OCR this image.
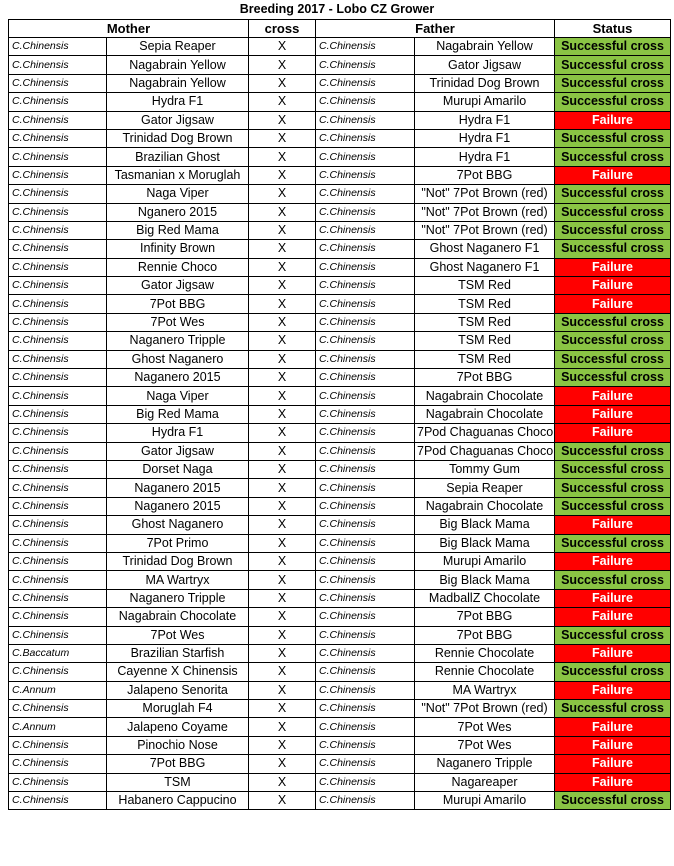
Breeding 2017 - Lobo CZ Grower
Mother		cross	Father		Status
C.Chinensis	Sepia Reaper	X	C.Chinensis	Nagabrain Yellow	Successful cross
C.Chinensis	Nagabrain Yellow	X	C.Chinensis	Gator Jigsaw	Successful cross
C.Chinensis	Nagabrain Yellow	X	C.Chinensis	Trinidad Dog Brown	Successful cross
C.Chinensis	Hydra F1	X	C.Chinensis	Murupi Amarilo	Successful cross
C.Chinensis	Gator Jigsaw	X	C.Chinensis	Hydra F1	Failure
C.Chinensis	Trinidad Dog Brown	X	C.Chinensis	Hydra F1	Successful cross
C.Chinensis	Brazilian Ghost	X	C.Chinensis	Hydra F1	Successful cross
C.Chinensis	Tasmanian x Moruglah	X	C.Chinensis	7Pot BBG	Failure
C.Chinensis	Naga Viper	X	C.Chinensis	"Not" 7Pot Brown (red)	Successful cross
C.Chinensis	Nganero 2015	X	C.Chinensis	"Not" 7Pot Brown (red)	Successful cross
C.Chinensis	Big Red Mama	X	C.Chinensis	"Not" 7Pot Brown (red)	Successful cross
C.Chinensis	Infinity Brown	X	C.Chinensis	Ghost Naganero F1	Successful cross
C.Chinensis	Rennie Choco	X	C.Chinensis	Ghost Naganero F1	Failure
C.Chinensis	Gator Jigsaw	X	C.Chinensis	TSM Red	Failure
C.Chinensis	7Pot BBG	X	C.Chinensis	TSM Red	Failure
C.Chinensis	7Pot Wes	X	C.Chinensis	TSM Red	Successful cross
C.Chinensis	Naganero Tripple	X	C.Chinensis	TSM Red	Successful cross
C.Chinensis	Ghost Naganero	X	C.Chinensis	TSM Red	Successful cross
C.Chinensis	Naganero 2015	X	C.Chinensis	7Pot BBG	Successful cross
C.Chinensis	Naga Viper	X	C.Chinensis	Nagabrain Chocolate	Failure
C.Chinensis	Big Red Mama	X	C.Chinensis	Nagabrain Chocolate	Failure
C.Chinensis	Hydra F1	X	C.Chinensis	7Pod Chaguanas Choco	Failure
C.Chinensis	Gator Jigsaw	X	C.Chinensis	7Pod Chaguanas Choco	Successful cross
C.Chinensis	Dorset Naga	X	C.Chinensis	Tommy Gum	Successful cross
C.Chinensis	Naganero 2015	X	C.Chinensis	Sepia Reaper	Successful cross
C.Chinensis	Naganero 2015	X	C.Chinensis	Nagabrain Chocolate	Successful cross
C.Chinensis	Ghost Naganero	X	C.Chinensis	Big Black Mama	Failure
C.Chinensis	7Pot Primo	X	C.Chinensis	Big Black Mama	Successful cross
C.Chinensis	Trinidad Dog Brown	X	C.Chinensis	Murupi Amarilo	Failure
C.Chinensis	MA Wartryx	X	C.Chinensis	Big Black Mama	Successful cross
C.Chinensis	Naganero Tripple	X	C.Chinensis	MadballZ Chocolate	Failure
C.Chinensis	Nagabrain Chocolate	X	C.Chinensis	7Pot BBG	Failure
C.Chinensis	7Pot Wes	X	C.Chinensis	7Pot BBG	Successful cross
C.Baccatum	Brazilian Starfish	X	C.Chinensis	Rennie Chocolate	Failure
C.Chinensis	Cayenne X Chinensis	X	C.Chinensis	Rennie Chocolate	Successful cross
C.Annum	Jalapeno Senorita	X	C.Chinensis	MA Wartryx	Failure
C.Chinensis	Moruglah F4	X	C.Chinensis	"Not" 7Pot Brown (red)	Successful cross
C.Annum	Jalapeno Coyame	X	C.Chinensis	7Pot Wes	Failure
C.Chinensis	Pinochio Nose	X	C.Chinensis	7Pot Wes	Failure
C.Chinensis	7Pot BBG	X	C.Chinensis	Naganero Tripple	Failure
C.Chinensis	TSM	X	C.Chinensis	Nagareaper	Failure
C.Chinensis	Habanero Cappucino	X	C.Chinensis	Murupi Amarilo	Successful cross
